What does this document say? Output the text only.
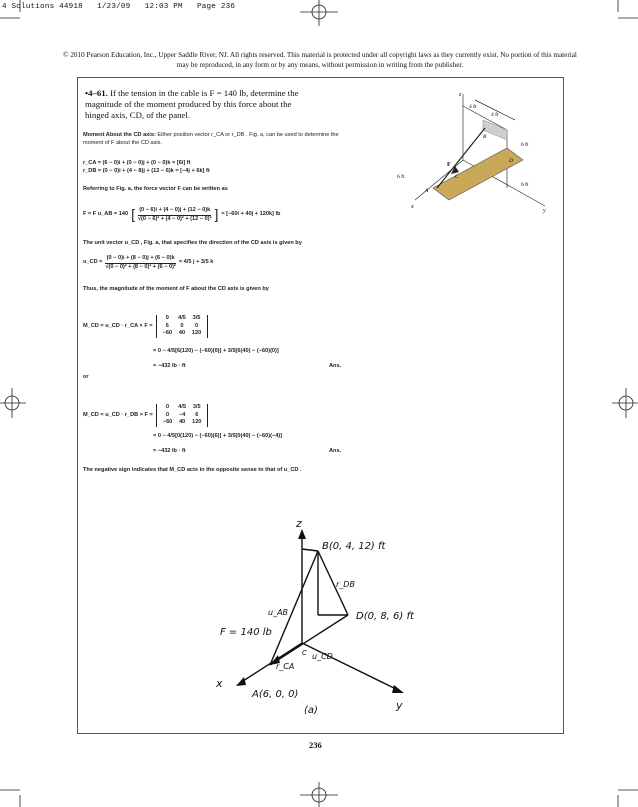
4 Solutions 44918   1/23/09   12:03 PM   Page 236
© 2010 Pearson Education, Inc., Upper Saddle River, NJ. All rights reserved. This material is protected under all copyright laws as they currently exist. No portion of this material may be reproduced, in any form or by any means, without permission in writing from the publisher.
•4–61. If the tension in the cable is F = 140 lb, determine the magnitude of the moment produced by this force about the hinged axis, CD, of the panel.
Moment About the CD axis: Either position vector r_CA or r_DB . Fig. a, can be used to determine the moment of F about the CD axis.
r_CA = (6 − 0)i + (0 − 0)j + (0 − 0)k = [6i] ft
r_DB = (0 − 0)i + (4 − 8)j + (12 − 6)k = [−4j + 6k] ft
Referring to Fig. a, the force vector F can be written as
F = F u_AB = 140 [ (0 − 6)i + (4 − 0)j + (12 − 0)k
√(0 − 6)² + (4 − 0)² + (12 − 0)² ] = [−60i + 40j + 120k] lb
The unit vector u_CD , Fig. a, that specifies the direction of the CD axis is given by
u_CD =
(0 − 0)i + (8 − 0)j + (6 − 0)k
√(0 − 0)² + (8 − 0)² + (6 − 0)²
= 4/5 j + 3/5 k
Thus, the magnitude of the moment of F about the CD axis is given by
M_CD = u_CD · r_CA × F =
0	4/5	3/5
6	0	0
−60	40	120
= 0 − 4/5[6(120) − (−60)(0)] + 3/5[6(40) − (−60)(0)]
= −432 lb · ft	Ans.
or
M_CD = u_CD · r_DB × F =
0	4/5	3/5
0	−4	6
−60	40	120
= 0 − 4/5[0(120) − (−60)(6)] + 3/5[0(40) − (−60)(−4)]
= −432 lb · ft	Ans.
The negative sign indicates that M_CD acts in the opposite sense to that of u_CD .
z
x
y
4 ft
4 ft
6 ft
6 ft
6 ft
B
D
C
A
F
z
x
y
B(0, 4, 12) ft
D(0, 8, 6) ft
A(6, 0, 0)
F = 140 lb
r_DB
u_AB
r_CA
u_CD
C
(a)
236
